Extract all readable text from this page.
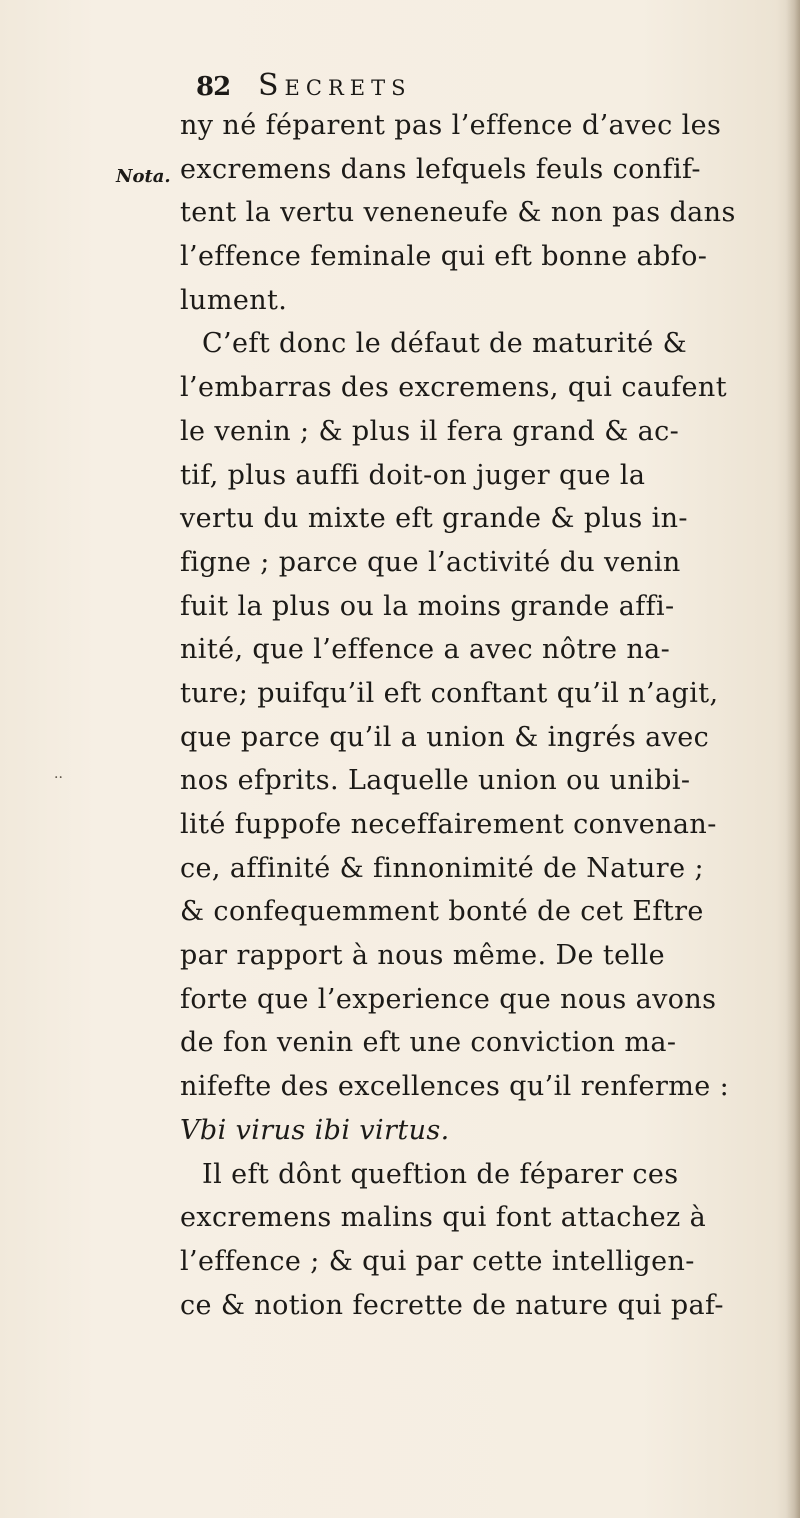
82 Secrets
Nota.
··
ny né féparent pas l’effence d’avec les
excremens dans lefquels feuls confif-
tent la vertu veneneufe & non pas dans
l’effence feminale qui eft bonne abfo-
lument.
C’eft donc le défaut de maturité &
l’embarras des excremens, qui caufent
le venin ; & plus il fera grand & ac-
tif, plus auffi doit-on juger que la
vertu du mixte eft grande & plus in-
figne ; parce que l’activité du venin
fuit la plus ou la moins grande affi-
nité, que l’effence a avec nôtre na-
ture; puifqu’il eft conftant qu’il n’agit,
que parce qu’il a union & ingrés avec
nos efprits. Laquelle union ou unibi-
lité fuppofe neceffairement convenan-
ce, affinité & finnonimité de Nature ;
& confequemment bonté de cet Eftre
par rapport à nous même. De telle
forte que l’experience que nous avons
de fon venin eft une conviction ma-
nifefte des excellences qu’il renferme :
Vbi virus ibi virtus.
Il eft dônt queftion de féparer ces
excremens malins qui font attachez à
l’effence ; & qui par cette intelligen-
ce & notion fecrette de nature qui paf-
